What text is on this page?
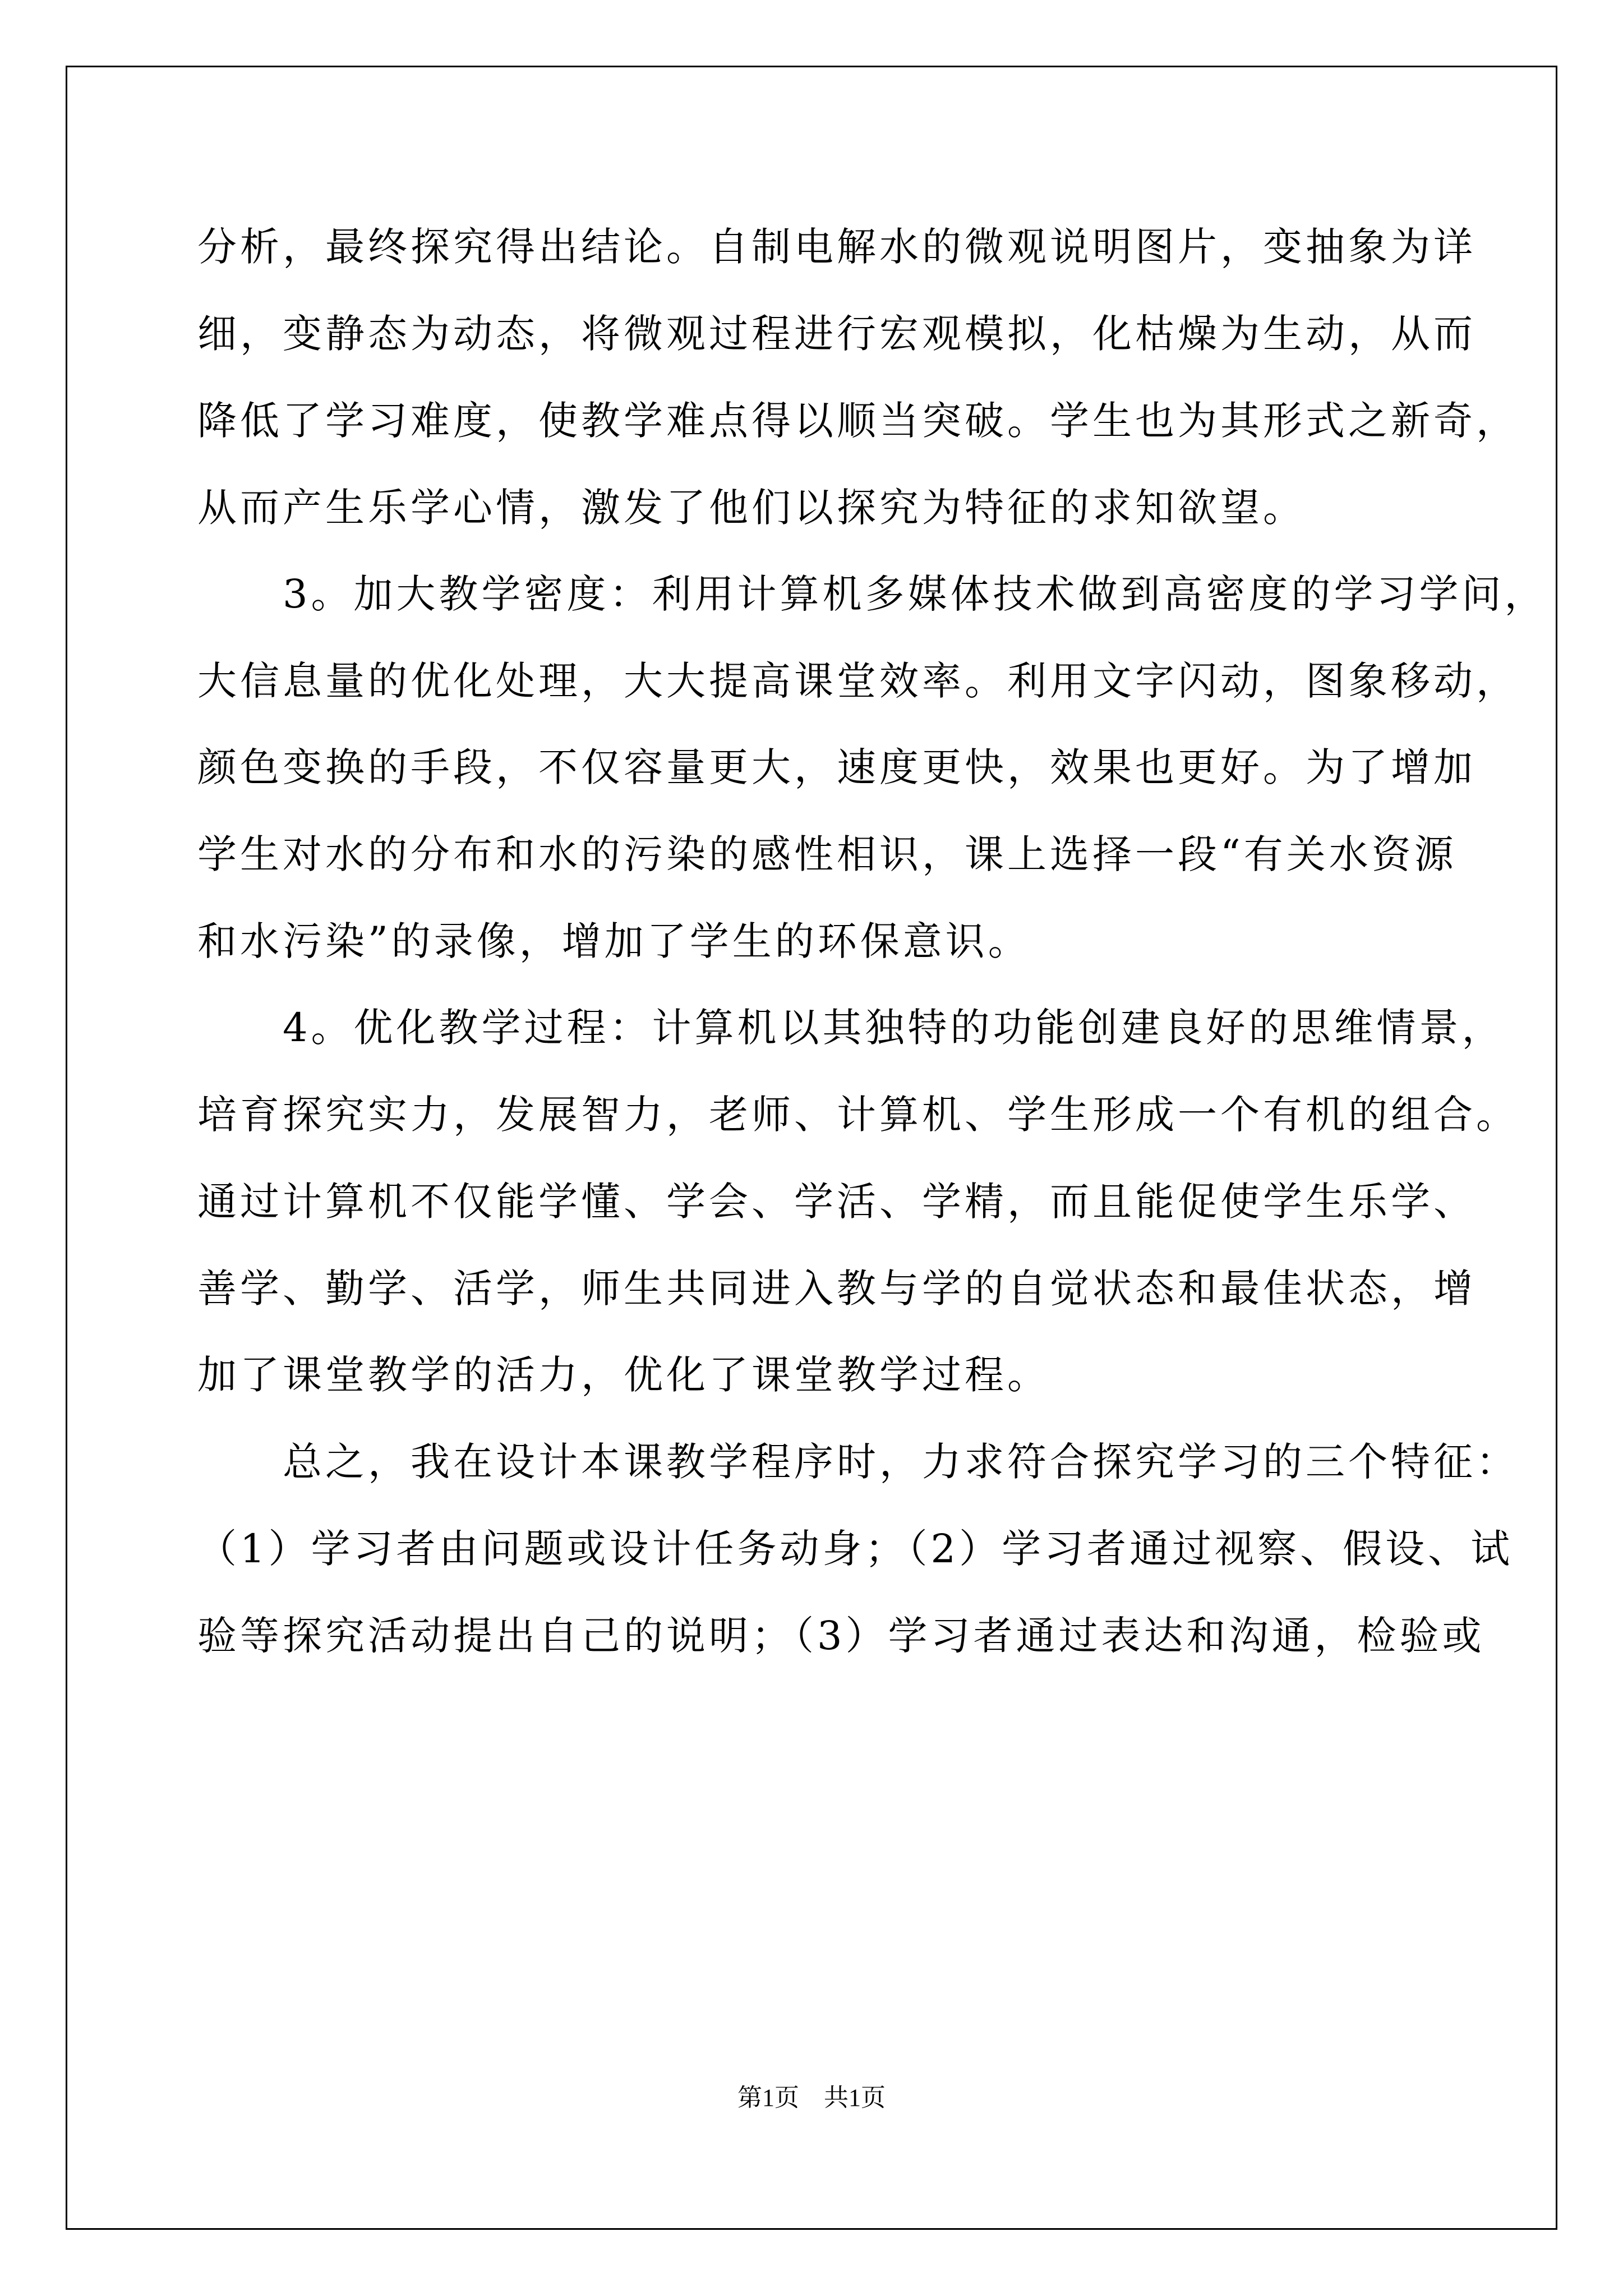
分析，最终探究得出结论。自制电解水的微观说明图片，变抽象为详
细，变静态为动态，将微观过程进行宏观模拟，化枯燥为生动，从而
降低了学习难度，使教学难点得以顺当突破。学生也为其形式之新奇，
从而产生乐学心情，激发了他们以探究为特征的求知欲望。
　　3。加大教学密度：利用计算机多媒体技术做到高密度的学习学问，
大信息量的优化处理，大大提高课堂效率。利用文字闪动，图象移动，
颜色变换的手段，不仅容量更大，速度更快，效果也更好。为了增加
学生对水的分布和水的污染的感性相识，课上选择一段“有关水资源
和水污染”的录像，增加了学生的环保意识。
　　4。优化教学过程：计算机以其独特的功能创建良好的思维情景，
培育探究实力，发展智力，老师、计算机、学生形成一个有机的组合。
通过计算机不仅能学懂、学会、学活、学精，而且能促使学生乐学、
善学、勤学、活学，师生共同进入教与学的自觉状态和最佳状态，增
加了课堂教学的活力，优化了课堂教学过程。
　　总之，我在设计本课教学程序时，力求符合探究学习的三个特征：
（1）学习者由问题或设计任务动身；（2）学习者通过视察、假设、试
验等探究活动提出自己的说明；（3）学习者通过表达和沟通，检验或
第1页　共1页
